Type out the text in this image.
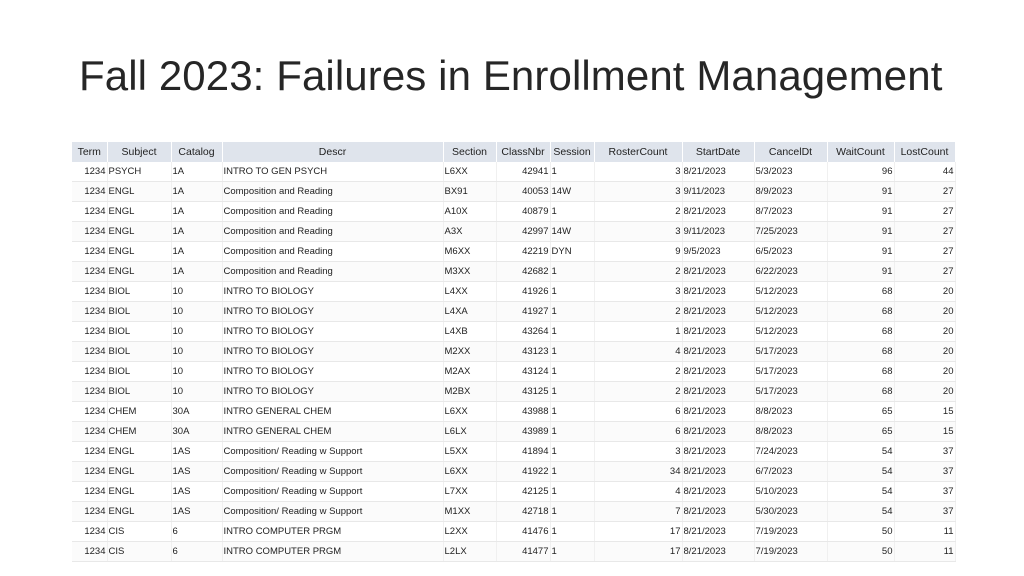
Fall 2023: Failures in Enrollment Management
Term	Subject	Catalog	Descr	Section	ClassNbr	Session	RosterCount	StartDate	CancelDt	WaitCount	LostCount
1234	PSYCH	1A	INTRO TO GEN PSYCH	L6XX	42941	1	3	8/21/2023	5/3/2023	96	44
1234	ENGL	1A	Composition and Reading	BX91	40053	14W	3	9/11/2023	8/9/2023	91	27
1234	ENGL	1A	Composition and Reading	A10X	40879	1	2	8/21/2023	8/7/2023	91	27
1234	ENGL	1A	Composition and Reading	A3X	42997	14W	3	9/11/2023	7/25/2023	91	27
1234	ENGL	1A	Composition and Reading	M6XX	42219	DYN	9	9/5/2023	6/5/2023	91	27
1234	ENGL	1A	Composition and Reading	M3XX	42682	1	2	8/21/2023	6/22/2023	91	27
1234	BIOL	10	INTRO TO BIOLOGY	L4XX	41926	1	3	8/21/2023	5/12/2023	68	20
1234	BIOL	10	INTRO TO BIOLOGY	L4XA	41927	1	2	8/21/2023	5/12/2023	68	20
1234	BIOL	10	INTRO TO BIOLOGY	L4XB	43264	1	1	8/21/2023	5/12/2023	68	20
1234	BIOL	10	INTRO TO BIOLOGY	M2XX	43123	1	4	8/21/2023	5/17/2023	68	20
1234	BIOL	10	INTRO TO BIOLOGY	M2AX	43124	1	2	8/21/2023	5/17/2023	68	20
1234	BIOL	10	INTRO TO BIOLOGY	M2BX	43125	1	2	8/21/2023	5/17/2023	68	20
1234	CHEM	30A	INTRO GENERAL CHEM	L6XX	43988	1	6	8/21/2023	8/8/2023	65	15
1234	CHEM	30A	INTRO GENERAL CHEM	L6LX	43989	1	6	8/21/2023	8/8/2023	65	15
1234	ENGL	1AS	Composition/ Reading w Support	L5XX	41894	1	3	8/21/2023	7/24/2023	54	37
1234	ENGL	1AS	Composition/ Reading w Support	L6XX	41922	1	34	8/21/2023	6/7/2023	54	37
1234	ENGL	1AS	Composition/ Reading w Support	L7XX	42125	1	4	8/21/2023	5/10/2023	54	37
1234	ENGL	1AS	Composition/ Reading w Support	M1XX	42718	1	7	8/21/2023	5/30/2023	54	37
1234	CIS	6	INTRO COMPUTER PRGM	L2XX	41476	1	17	8/21/2023	7/19/2023	50	11
1234	CIS	6	INTRO COMPUTER PRGM	L2LX	41477	1	17	8/21/2023	7/19/2023	50	11
